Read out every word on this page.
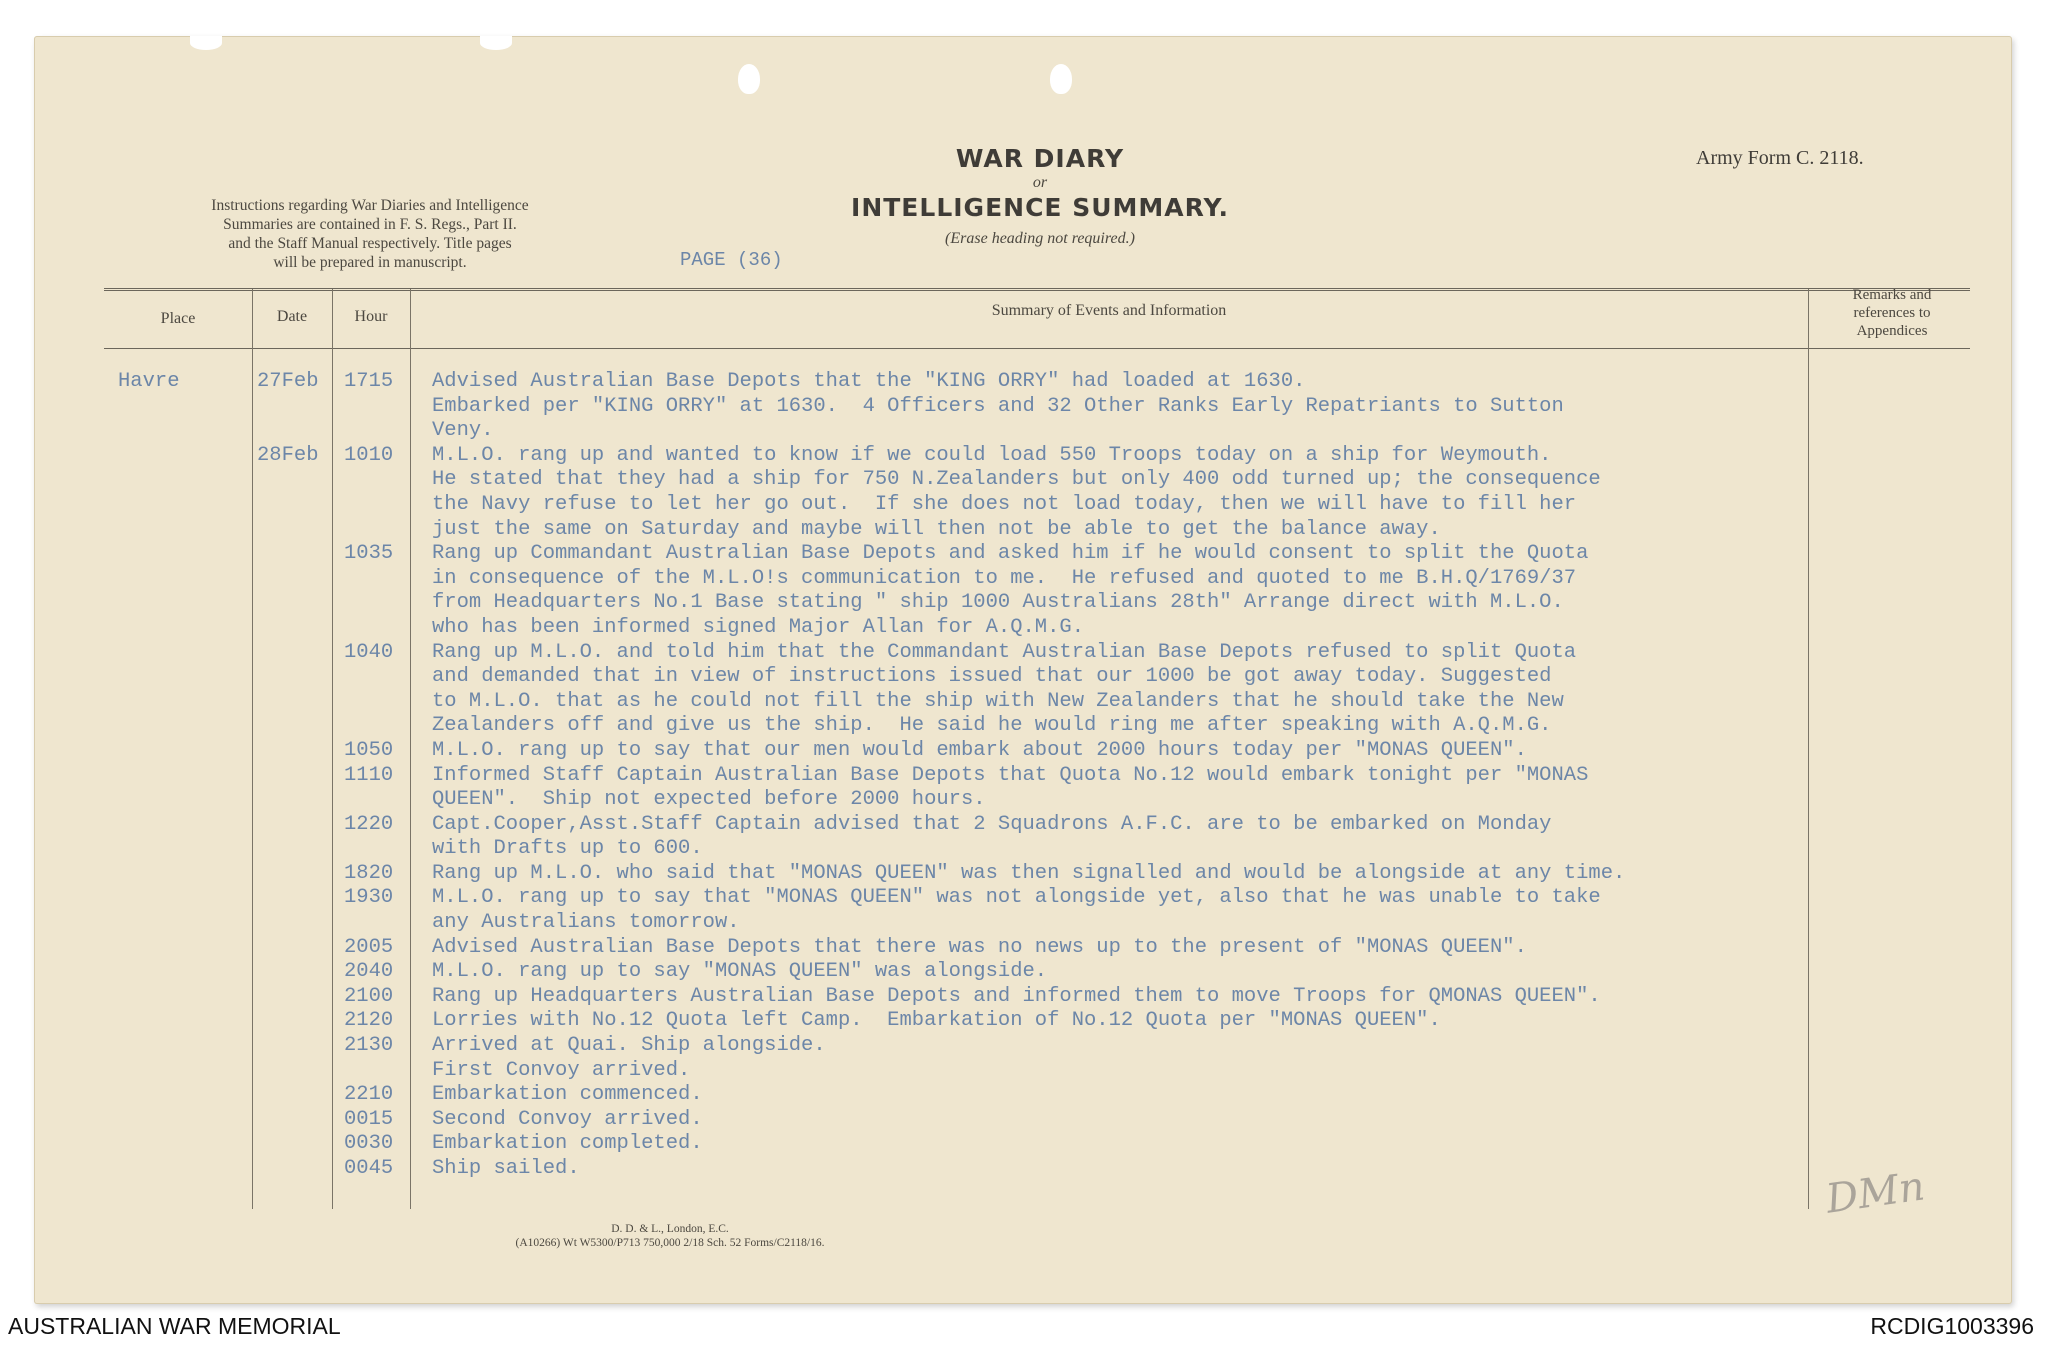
Instructions regarding War Diaries and Intelligence
Summaries are contained in F. S. Regs., Part II.
and the Staff Manual respectively. Title pages
will be prepared in manuscript.
WAR DIARY
or
INTELLIGENCE SUMMARY.
(Erase heading not required.)
Army Form C. 2118.
PAGE (36)
Place	Date	Hour	Summary of Events and Information
Remarks and
references to
Appendices
Havre	27Feb	1715	Advised Australian Base Depots that the "KING ORRY" had loaded at 1630.
Embarked per "KING ORRY" at 1630.  4 Officers and 32 Other Ranks Early Repatriants to Sutton
Veny.
28Feb	1010	M.L.O. rang up and wanted to know if we could load 550 Troops today on a ship for Weymouth.
He stated that they had a ship for 750 N.Zealanders but only 400 odd turned up; the consequence
the Navy refuse to let her go out.  If she does not load today, then we will have to fill her
just the same on Saturday and maybe will then not be able to get the balance away.
1035	Rang up Commandant Australian Base Depots and asked him if he would consent to split the Quota
in consequence of the M.L.O!s communication to me.  He refused and quoted to me B.H.Q/1769/37
from Headquarters No.1 Base stating " ship 1000 Australians 28th" Arrange direct with M.L.O.
who has been informed signed Major Allan for A.Q.M.G.
1040	Rang up M.L.O. and told him that the Commandant Australian Base Depots refused to split Quota
and demanded that in view of instructions issued that our 1000 be got away today. Suggested
to M.L.O. that as he could not fill the ship with New Zealanders that he should take the New
Zealanders off and give us the ship.  He said he would ring me after speaking with A.Q.M.G.
1050	M.L.O. rang up to say that our men would embark about 2000 hours today per "MONAS QUEEN".
1110	Informed Staff Captain Australian Base Depots that Quota No.12 would embark tonight per "MONAS
QUEEN".  Ship not expected before 2000 hours.
1220	Capt.Cooper,Asst.Staff Captain advised that 2 Squadrons A.F.C. are to be embarked on Monday
with Drafts up to 600.
1820	Rang up M.L.O. who said that "MONAS QUEEN" was then signalled and would be alongside at any time.
1930	M.L.O. rang up to say that "MONAS QUEEN" was not alongside yet, also that he was unable to take
any Australians tomorrow.
2005	Advised Australian Base Depots that there was no news up to the present of "MONAS QUEEN".
2040	M.L.O. rang up to say "MONAS QUEEN" was alongside.
2100	Rang up Headquarters Australian Base Depots and informed them to move Troops for QMONAS QUEEN".
2120	Lorries with No.12 Quota left Camp.  Embarkation of No.12 Quota per "MONAS QUEEN".
2130	Arrived at Quai. Ship alongside.
First Convoy arrived.
2210	Embarkation commenced.
0015	Second Convoy arrived.
0030	Embarkation completed.
0045	Ship sailed.
D. D. & L., London, E.C.
(A10266) Wt W5300/P713 750,000 2/18 Sch. 52 Forms/C2118/16.
DMn
AUSTRALIAN WAR MEMORIAL	RCDIG1003396
